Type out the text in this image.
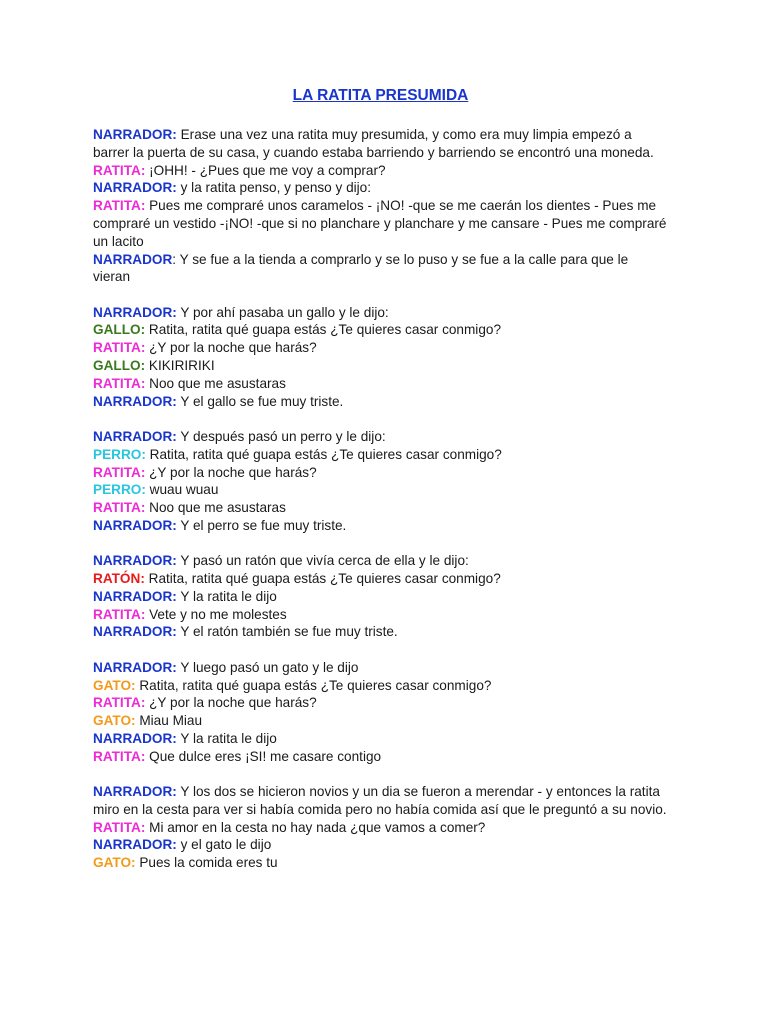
LA RATITA PRESUMIDA
NARRADOR: Erase una vez una ratita muy presumida, y como era muy limpia empezó a barrer la puerta de su casa, y cuando estaba barriendo y barriendo se encontró una moneda.
RATITA: ¡OHH! - ¿Pues que me voy a comprar?
NARRADOR: y la ratita penso, y penso y dijo:
RATITA: Pues me compraré unos caramelos - ¡NO! -que se me caerán los dientes - Pues me compraré un vestido -¡NO! -que si no planchare y planchare y me cansare - Pues me compraré un lacito
NARRADOR: Y se fue a la tienda a comprarlo y se lo puso y se fue a la calle para que le vieran
NARRADOR: Y por ahí pasaba un gallo y le dijo:
GALLO: Ratita, ratita qué guapa estás ¿Te quieres casar conmigo?
RATITA: ¿Y por la noche que harás?
GALLO: KIKIRIRIKI
RATITA: Noo que me asustaras
NARRADOR: Y el gallo se fue muy triste.
NARRADOR: Y después pasó un perro y le dijo:
PERRO: Ratita, ratita qué guapa estás ¿Te quieres casar conmigo?
RATITA: ¿Y por la noche que harás?
PERRO: wuau wuau
RATITA: Noo que me asustaras
NARRADOR: Y el perro se fue muy triste.
NARRADOR: Y pasó un ratón que vivía cerca de ella y le dijo:
RATÓN: Ratita, ratita qué guapa estás ¿Te quieres casar conmigo?
NARRADOR: Y la ratita le dijo
RATITA: Vete y no me molestes
NARRADOR: Y el ratón también se fue muy triste.
NARRADOR: Y luego pasó un gato y le dijo
GATO: Ratita, ratita qué guapa estás ¿Te quieres casar conmigo?
RATITA: ¿Y por la noche que harás?
GATO: Miau Miau
NARRADOR: Y la ratita le dijo
RATITA: Que dulce eres ¡SI! me casare contigo
NARRADOR: Y los dos se hicieron novios y un dia se fueron a merendar - y entonces la ratita miro en la cesta para ver si había comida pero no había comida así que le preguntó a su novio.
RATITA: Mi amor en la cesta no hay nada ¿que vamos a comer?
NARRADOR: y el gato le dijo
GATO: Pues la comida eres tu
